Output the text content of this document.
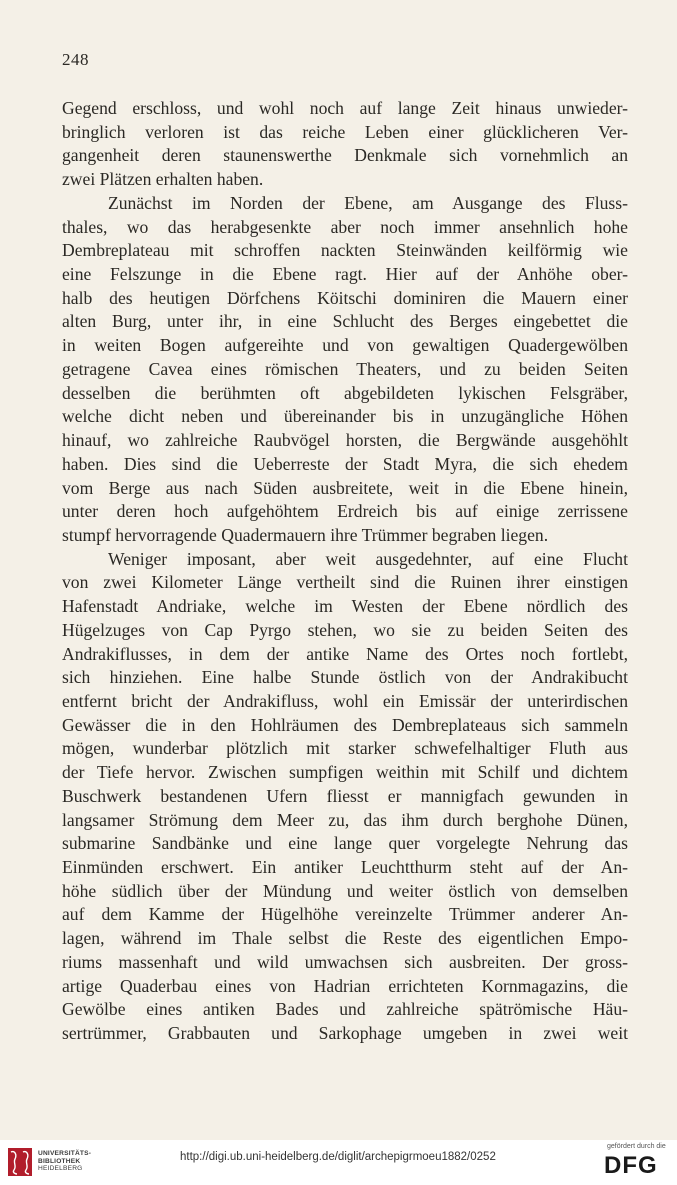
248
Gegend erschloss, und wohl noch auf lange Zeit hinaus unwieder-
bringlich verloren ist das reiche Leben einer glücklicheren Ver-
gangenheit deren staunenswerthe Denkmale sich vornehmlich an
zwei Plätzen erhalten haben.
Zunächst im Norden der Ebene, am Ausgange des Fluss-
thales, wo das herabgesenkte aber noch immer ansehnlich hohe
Dembreplateau mit schroffen nackten Steinwänden keilförmig wie
eine Felszunge in die Ebene ragt. Hier auf der Anhöhe ober-
halb des heutigen Dörfchens Köitschi dominiren die Mauern einer
alten Burg, unter ihr, in eine Schlucht des Berges eingebettet die
in weiten Bogen aufgereihte und von gewaltigen Quadergewölben
getragene Cavea eines römischen Theaters, und zu beiden Seiten
desselben die berühmten oft abgebildeten lykischen Felsgräber,
welche dicht neben und übereinander bis in unzugängliche Höhen
hinauf, wo zahlreiche Raubvögel horsten, die Bergwände ausgehöhlt
haben. Dies sind die Ueberreste der Stadt Myra, die sich ehedem
vom Berge aus nach Süden ausbreitete, weit in die Ebene hinein,
unter deren hoch aufgehöhtem Erdreich bis auf einige zerrissene
stumpf hervorragende Quadermauern ihre Trümmer begraben liegen.
Weniger imposant, aber weit ausgedehnter, auf eine Flucht
von zwei Kilometer Länge vertheilt sind die Ruinen ihrer einstigen
Hafenstadt Andriake, welche im Westen der Ebene nördlich des
Hügelzuges von Cap Pyrgo stehen, wo sie zu beiden Seiten des
Andrakiflusses, in dem der antike Name des Ortes noch fortlebt,
sich hinziehen. Eine halbe Stunde östlich von der Andrakibucht
entfernt bricht der Andrakifluss, wohl ein Emissär der unterirdischen
Gewässer die in den Hohlräumen des Dembreplateaus sich sammeln
mögen, wunderbar plötzlich mit starker schwefelhaltiger Fluth aus
der Tiefe hervor. Zwischen sumpfigen weithin mit Schilf und dichtem
Buschwerk bestandenen Ufern fliesst er mannigfach gewunden in
langsamer Strömung dem Meer zu, das ihm durch berghohe Dünen,
submarine Sandbänke und eine lange quer vorgelegte Nehrung das
Einmünden erschwert. Ein antiker Leuchtthurm steht auf der An-
höhe südlich über der Mündung und weiter östlich von demselben
auf dem Kamme der Hügelhöhe vereinzelte Trümmer anderer An-
lagen, während im Thale selbst die Reste des eigentlichen Empo-
riums massenhaft und wild umwachsen sich ausbreiten. Der gross-
artige Quaderbau eines von Hadrian errichteten Kornmagazins, die
Gewölbe eines antiken Bades und zahlreiche spätrömische Häu-
sertrümmer, Grabbauten und Sarkophage umgeben in zwei weit
UNIVERSITÄTS-
BIBLIOTHEK
HEIDELBERG
http://digi.ub.uni-heidelberg.de/diglit/archepigrmoeu1882/0252
gefördert durch die
DFG
